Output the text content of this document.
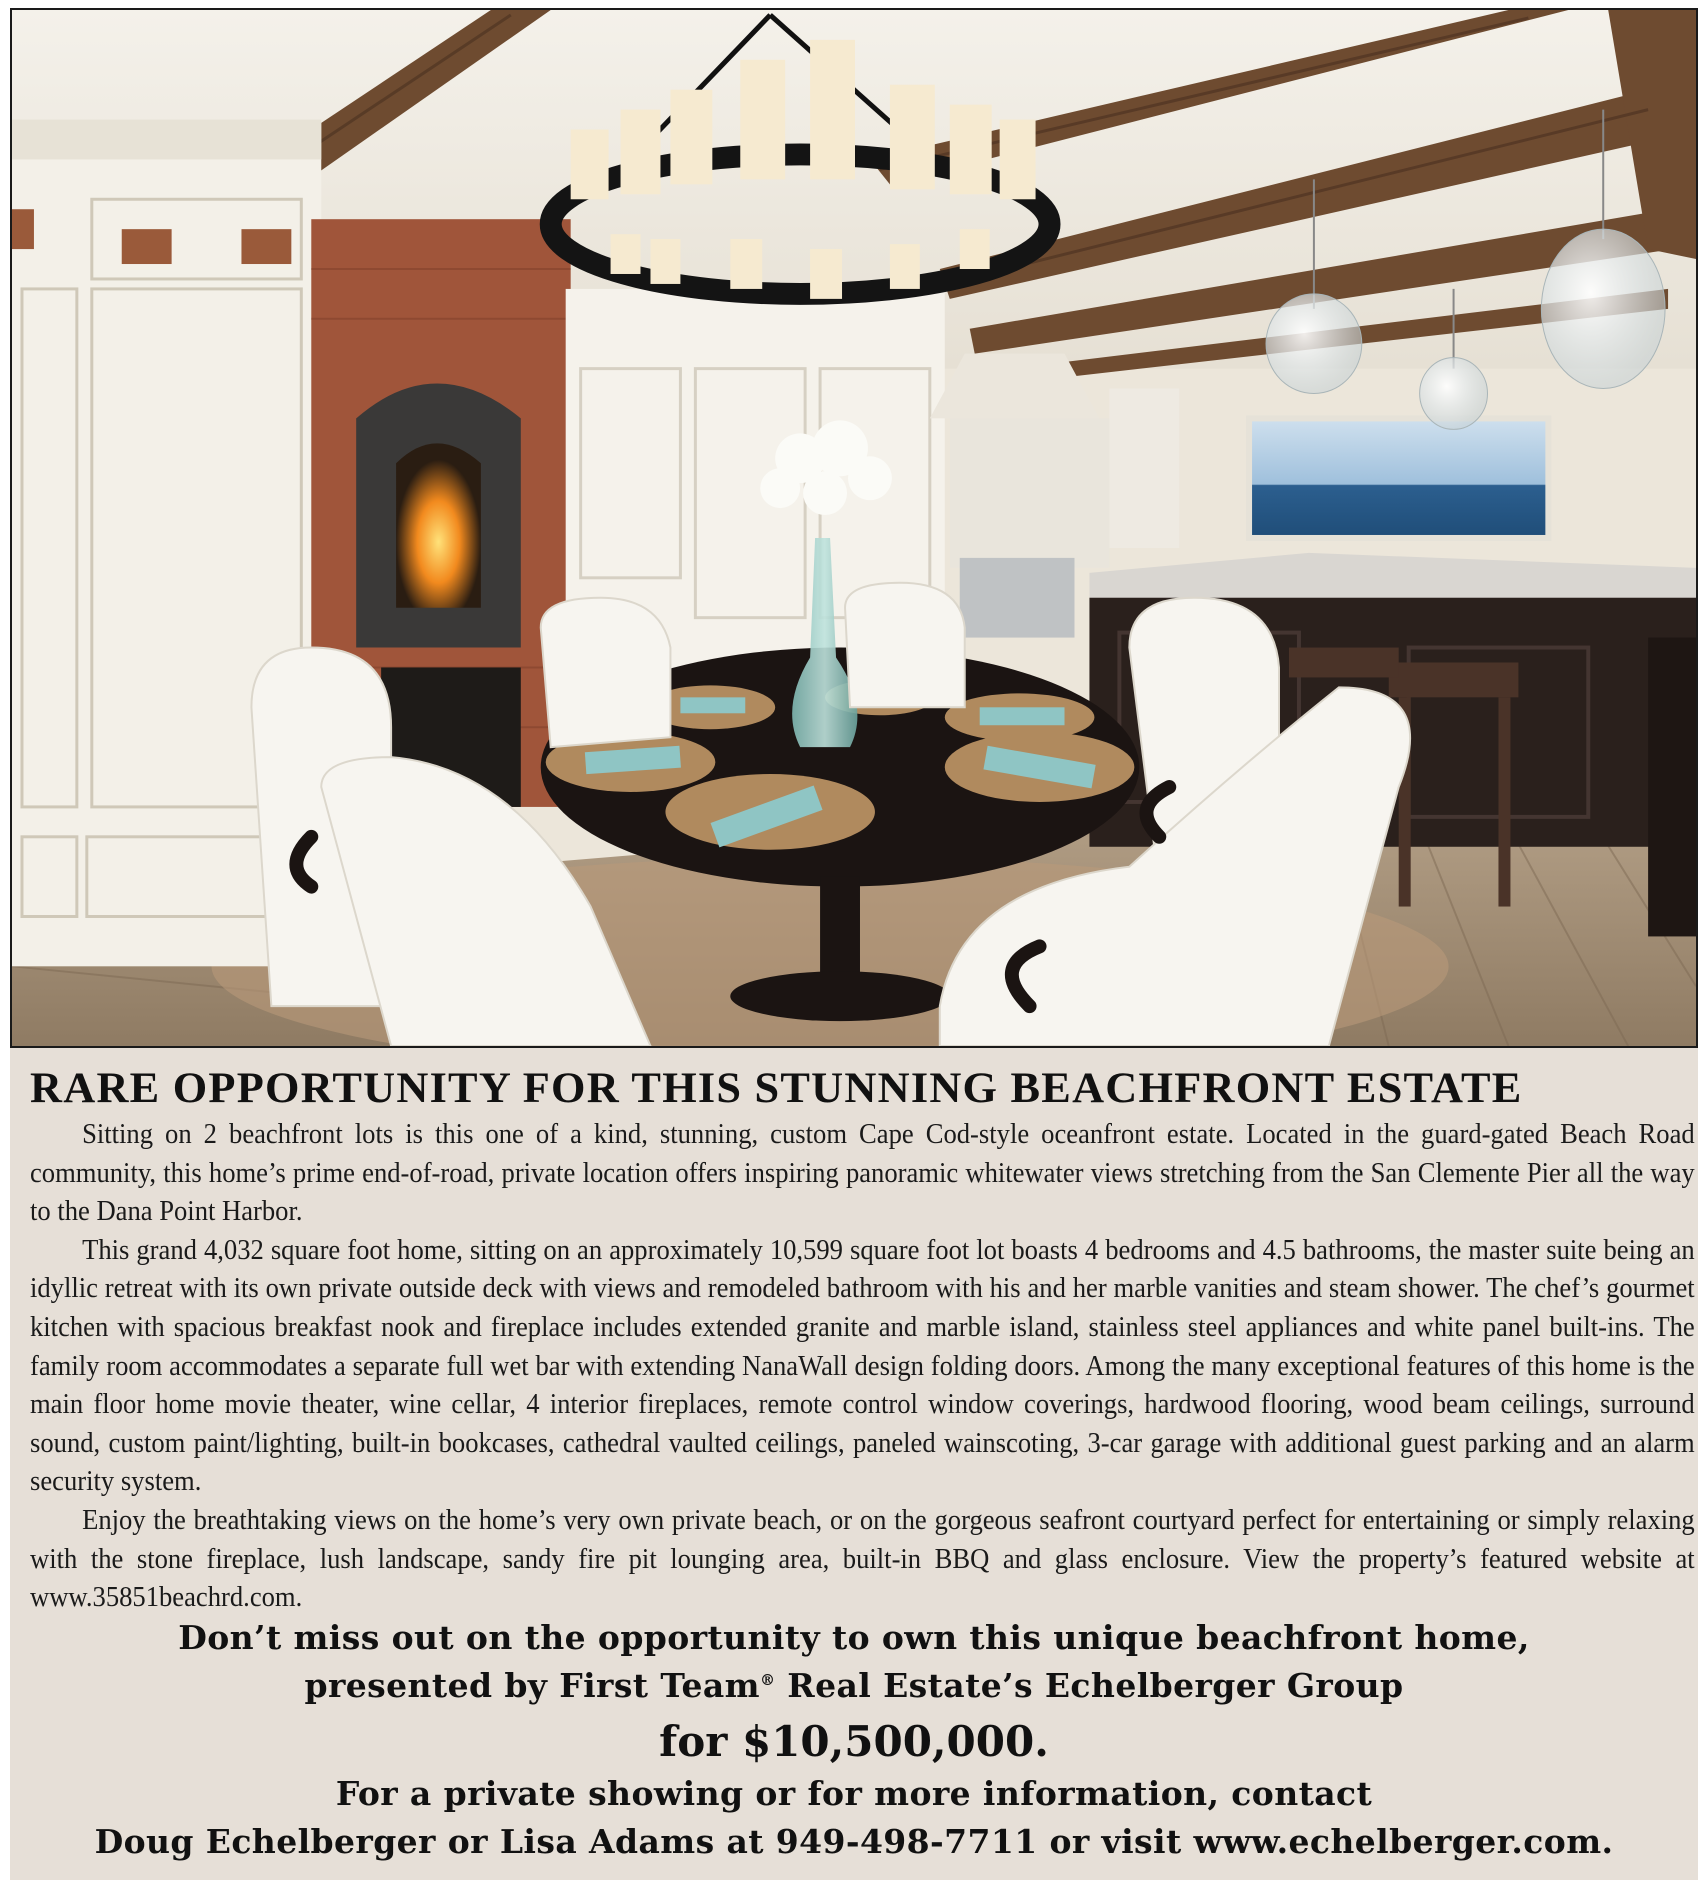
RARE OPPORTUNITY FOR THIS STUNNING BEACHFRONT ESTATE

Sitting on 2 beachfront lots is this one of a kind, stunning, custom Cape Cod-style oceanfront estate. Located in the guard-gated Beach Road community, this home’s prime end-of-road, private location offers inspiring panoramic whitewater views stretching from the San Clemente Pier all the way to the Dana Point Harbor.

This grand 4,032 square foot home, sitting on an approximately 10,599 square foot lot boasts 4 bedrooms and 4.5 bathrooms, the master suite being an idyllic retreat with its own private outside deck with views and remodeled bathroom with his and her marble vanities and steam shower. The chef’s gourmet kitchen with spacious breakfast nook and fireplace includes extended granite and marble island, stainless steel appliances and white panel built-ins. The family room accommodates a separate full wet bar with extending NanaWall design folding doors. Among the many exceptional features of this home is the main floor home movie theater, wine cellar, 4 interior fireplaces, remote control window coverings, hardwood flooring, wood beam ceilings, surround sound, custom paint/lighting, built-in bookcases, cathedral vaulted ceilings, paneled wainscoting, 3-car garage with additional guest parking and an alarm security system.

Enjoy the breathtaking views on the home’s very own private beach, or on the gorgeous seafront courtyard perfect for entertaining or simply relaxing with the stone fireplace, lush landscape, sandy fire pit lounging area, built-in BBQ and glass enclosure. View the property’s featured website at www.35851beachrd.com.

Don’t miss out on the opportunity to own this unique beachfront home,
presented by First Team® Real Estate’s Echelberger Group
for $10,500,000.
For a private showing or for more information, contact
Doug Echelberger or Lisa Adams at 949-498-7711 or visit www.echelberger.com.
